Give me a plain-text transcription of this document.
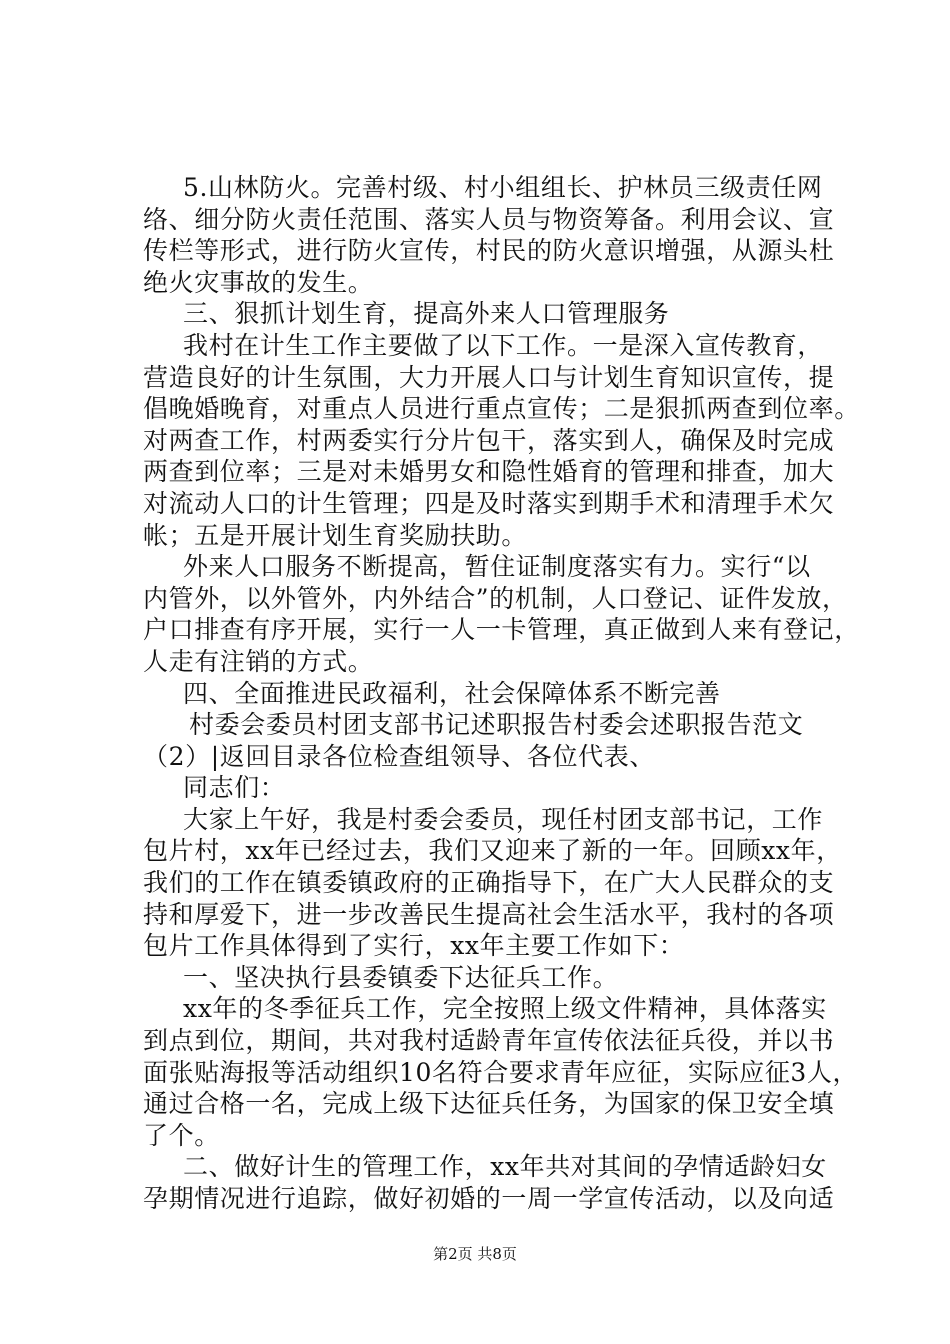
5.山林防火。完善村级、村小组组长、护林员三级责任网
络、细分防火责任范围、落实人员与物资筹备。利用会议、宣
传栏等形式，进行防火宣传，村民的防火意识增强，从源头杜
绝火灾事故的发生。
三、狠抓计划生育，提高外来人口管理服务
我村在计生工作主要做了以下工作。一是深入宣传教育，
营造良好的计生氛围，大力开展人口与计划生育知识宣传，提
倡晚婚晚育，对重点人员进行重点宣传；二是狠抓两查到位率。
对两查工作，村两委实行分片包干，落实到人，确保及时完成
两查到位率；三是对未婚男女和隐性婚育的管理和排查，加大
对流动人口的计生管理；四是及时落实到期手术和清理手术欠
帐；五是开展计划生育奖励扶助。
外来人口服务不断提高，暂住证制度落实有力。实行“以
内管外，以外管外，内外结合”的机制，人口登记、证件发放，
户口排查有序开展，实行一人一卡管理，真正做到人来有登记，
人走有注销的方式。
四、全面推进民政福利，社会保障体系不断完善
村委会委员村团支部书记述职报告村委会述职报告范文
（2）|返回目录各位检查组领导、各位代表、
同志们：
大家上午好，我是村委会委员，现任村团支部书记，工作
包片村，xx年已经过去，我们又迎来了新的一年。回顾xx年，
我们的工作在镇委镇政府的正确指导下，在广大人民群众的支
持和厚爱下，进一步改善民生提高社会生活水平，我村的各项
包片工作具体得到了实行，xx年主要工作如下：
一、坚决执行县委镇委下达征兵工作。
xx年的冬季征兵工作，完全按照上级文件精神，具体落实
到点到位，期间，共对我村适龄青年宣传依法征兵役，并以书
面张贴海报等活动组织10名符合要求青年应征，实际应征3人，
通过合格一名，完成上级下达征兵任务，为国家的保卫安全填
了个。
二、做好计生的管理工作，xx年共对其间的孕情适龄妇女
孕期情况进行追踪，做好初婚的一周一学宣传活动，以及向适
第2页 共8页
